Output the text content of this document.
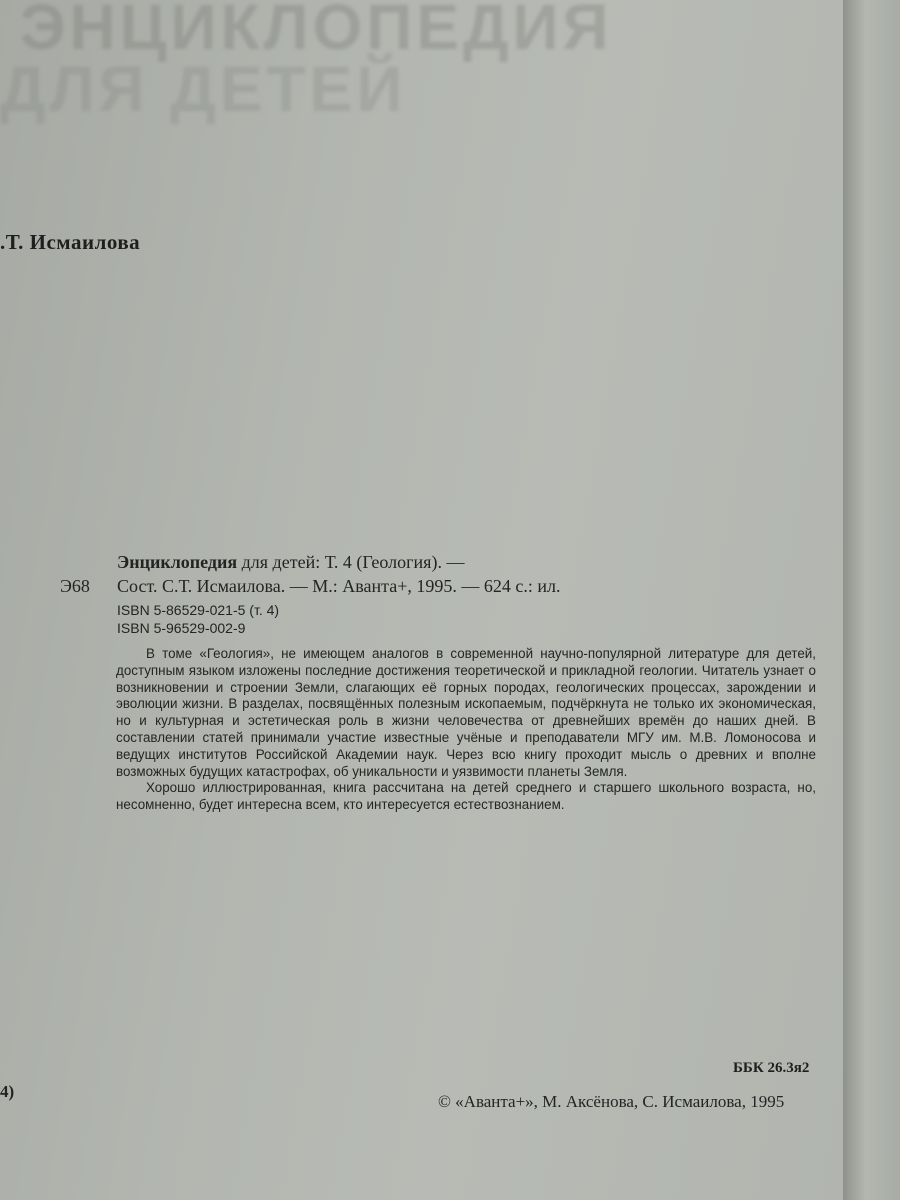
ЭНЦИКЛОПЕДИЯ
ДЛЯ ДЕТЕЙ
.Т. Исмаилова
Энциклопедия для детей: Т. 4 (Геология). —
Э68 Сост. С.Т. Исмаилова. — М.: Аванта+, 1995. — 624 с.: ил.
ISBN 5-86529-021-5 (т. 4)
ISBN 5-96529-002-9

В томе «Геология», не имеющем аналогов в современной научно-популярной литературе для детей, доступным языком изложены последние достижения теоретической и прикладной геологии. Читатель узнает о возникновении и строении Земли, слагающих её горных породах, геологических процессах, зарождении и эволюции жизни. В разделах, посвящённых полезным ископаемым, подчёркнута не только их экономическая, но и культурная и эстетическая роль в жизни человечества от древнейших времён до наших дней. В составлении статей принимали участие известные учёные и преподаватели МГУ им. М.В. Ломоносова и ведущих институтов Российской Академии наук. Через всю книгу проходит мысль о древних и вполне возможных будущих катастрофах, об уникальности и уязвимости планеты Земля.

Хорошо иллюстрированная, книга рассчитана на детей среднего и старшего школьного возраста, но, несомненно, будет интересна всем, кто интересуется естествознанием.

ББК 26.3я2
4)
© «Аванта+», М. Аксёнова, С. Исмаилова, 1995
